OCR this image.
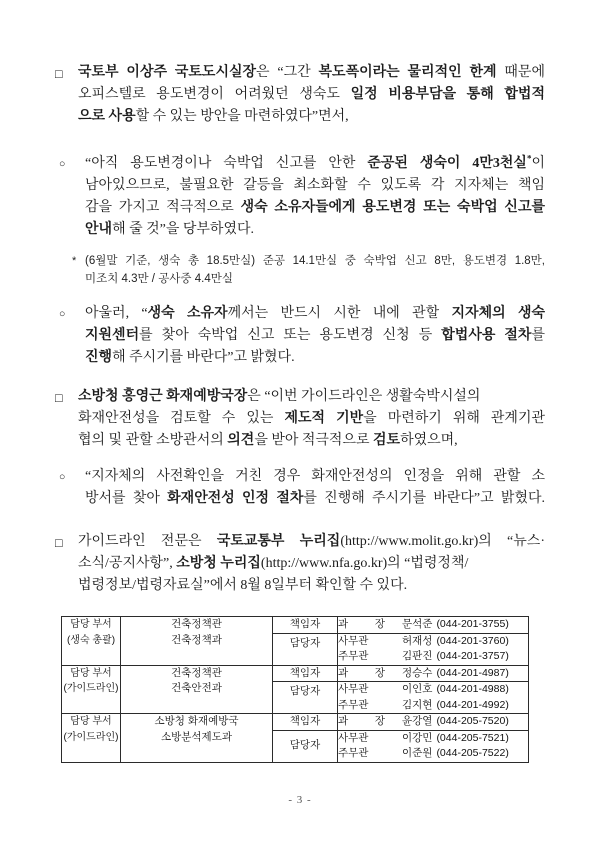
□ 국토부 이상주 국토도시실장은 “그간 복도폭이라는 물리적인 한계 때문에
오피스텔로 용도변경이 어려웠던 생숙도 일정 비용부담을 통해 합법적
으로 사용할 수 있는 방안을 마련하였다”면서,
○ “아직 용도변경이나 숙박업 신고를 안한 준공된 생숙이 4만3천실*이
남아있으므로, 불필요한 갈등을 최소화할 수 있도록 각 지자체는 책임
감을 가지고 적극적으로 생숙 소유자들에게 용도변경 또는 숙박업 신고를
안내해 줄 것”을 당부하였다.
* (6월말 기준, 생숙 총 18.5만실) 준공 14.1만실 중 숙박업 신고 8만, 용도변경 1.8만,
미조치 4.3만 / 공사중 4.4만실
○ 아울러, “생숙 소유자께서는 반드시 시한 내에 관할 지자체의 생숙
지원센터를 찾아 숙박업 신고 또는 용도변경 신청 등 합법사용 절차를
진행해 주시기를 바란다”고 밝혔다.
□ 소방청 홍영근 화재예방국장은 “이번 가이드라인은 생활숙박시설의
화재안전성을 검토할 수 있는 제도적 기반을 마련하기 위해 관계기관
협의 및 관할 소방관서의 의견을 받아 적극적으로 검토하였으며,
○ “지자체의 사전확인을 거친 경우 화재안전성의 인정을 위해 관할 소
방서를 찾아 화재안전성 인정 절차를 진행해 주시기를 바란다”고 밝혔다.
□ 가이드라인 전문은 국토교통부 누리집(http://www.molit.go.kr)의 “뉴스·
소식/공지사항”, 소방청 누리집(http://www.nfa.go.kr)의 “법령정책/
법령정보/법령자료실”에서 8월 8일부터 확인할 수 있다.
담당 부서
(생숙 총괄)

건축정책관
건축정책과
	책임자	과 장 문석준 (044-201-3755)
		담당자	사무관 허재성 (044-201-3760)
			주무관 김판진 (044-201-3757)

담당 부서
(가이드라인)

건축정책관
건축안전과
	책임자	과 장 정승수 (044-201-4987)
		담당자	사무관 이인호 (044-201-4988)
			주무관 김지현 (044-201-4992)

담당 부서
(가이드라인)

소방청 화재예방국
소방분석제도과
	책임자	과 장 윤강열 (044-205-7520)
		담당자	사무관 이강민 (044-205-7521)
			주무관 이준원 (044-205-7522)
- 3 -
